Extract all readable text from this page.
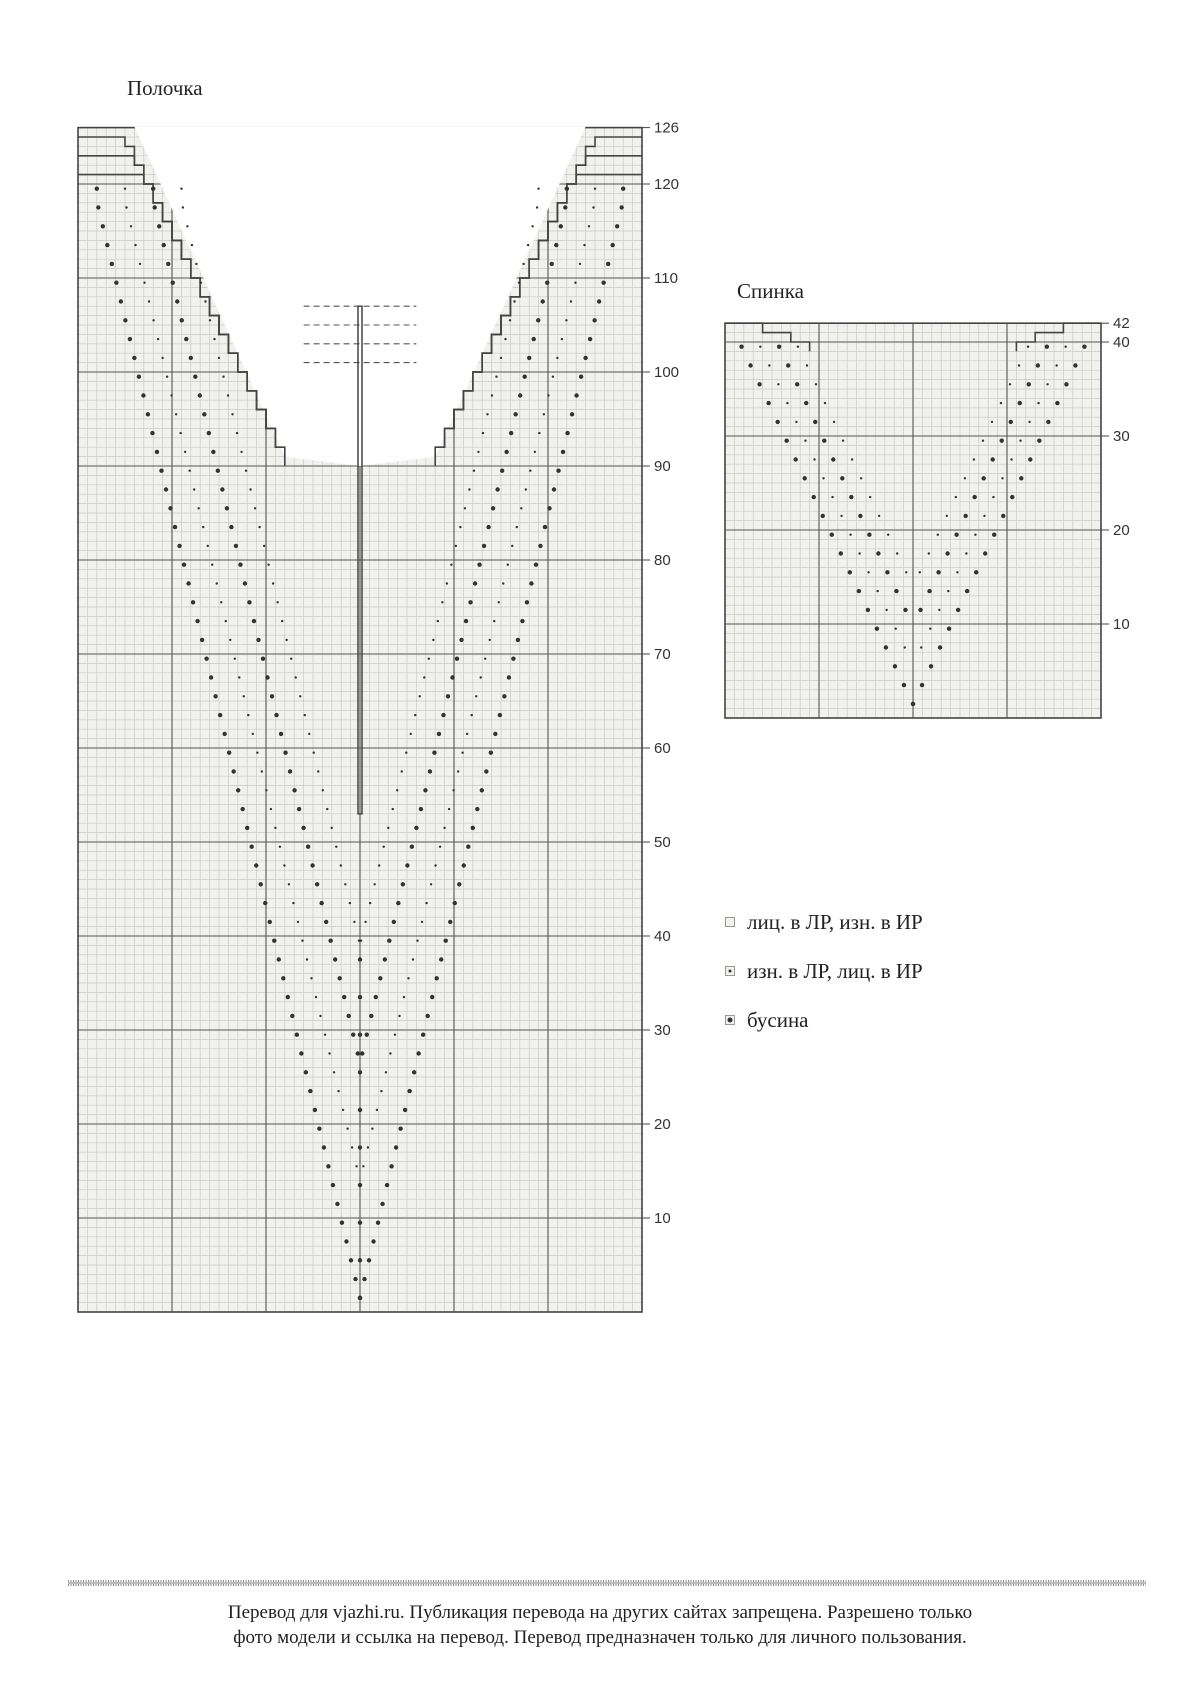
Полочка
Спинка
126
120
110
100
90
80
70
60
50
40
30
20
10
42
40
30
20
10
лиц. в ЛР, изн. в ИР
изн. в ЛР, лиц. в ИР
бусина
Перевод для vjazhi.ru. Публикация перевода на других сайтах запрещена. Разрешено только
фото модели и ссылка на перевод. Перевод предназначен только для личного пользования.
